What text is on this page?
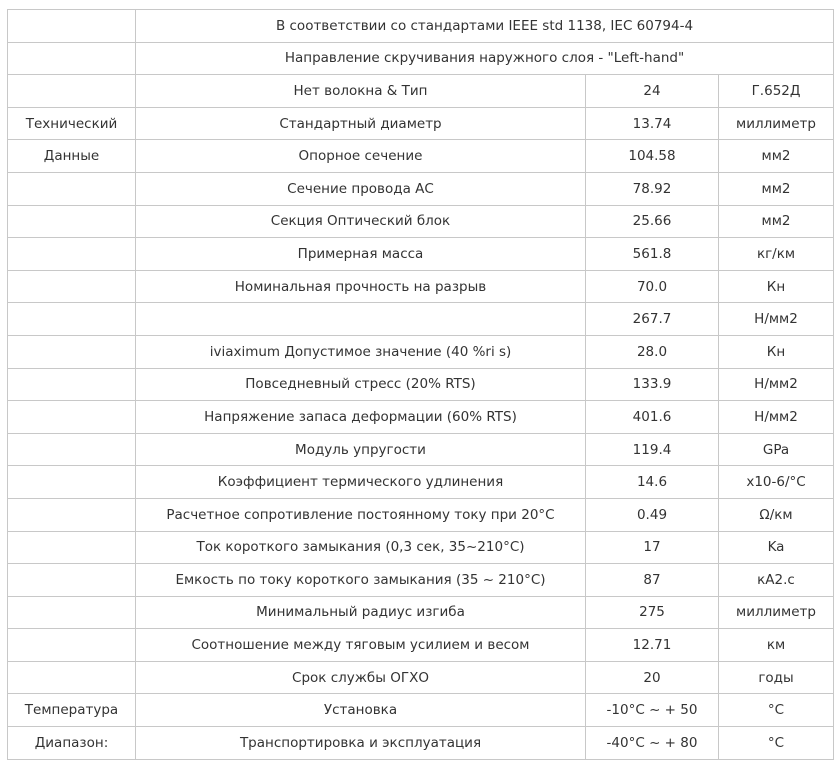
	В соответствии со стандартами IEEE std 1138, IEC 60794-4		
	Направление скручивания наружного слоя - "Left-hand"		
	Нет волокна & Тип	24	Г.652Д
Технический	Стандартный диаметр	13.74	миллиметр
Данные	Опорное сечение	104.58	мм2
	Сечение провода АС	78.92	мм2
	Секция Оптический блок	25.66	мм2
	Примерная масса	561.8	кг/км
	Номинальная прочность на разрыв	70.0	Кн
		267.7	Н/мм2
	iviaximum Допустимое значение (40 %ri s)	28.0	Кн
	Повседневный стресс (20% RTS)	133.9	Н/мм2
	Напряжение запаса деформации (60% RTS)	401.6	Н/мм2
	Модуль упругости	119.4	GPa
	Коэффициент термического удлинения	14.6	x10-6/°C
	Расчетное сопротивление постоянному току при 20°C	0.49	Ω/км
	Ток короткого замыкания (0,3 сек, 35~210°C)	17	Ka
	Емкость по току короткого замыкания (35 ~ 210°C)	87	кA2.c
	Минимальный радиус изгиба	275	миллиметр
	Соотношение между тяговым усилием и весом	12.71	км
	Срок службы ОГХО	20	годы
Температура	Установка	-10°C ~ + 50	°C
Диапазон:	Транспортировка и эксплуатация	-40°C ~ + 80	°C
